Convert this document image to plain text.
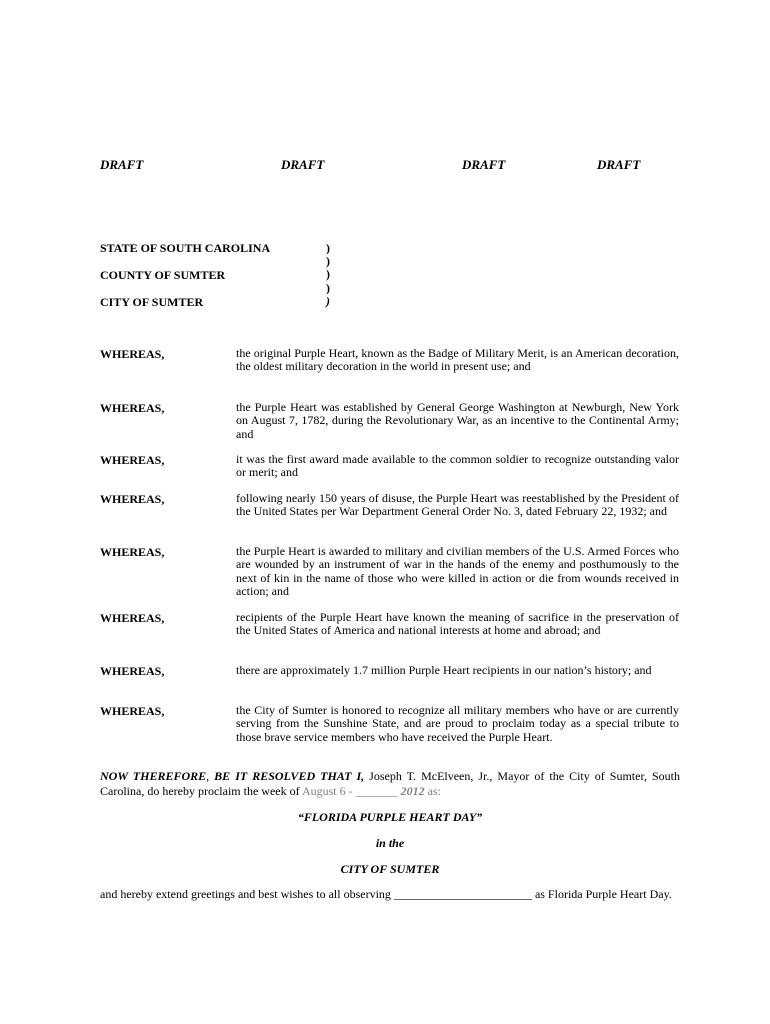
DRAFT	DRAFT	DRAFT	DRAFT
STATE OF SOUTH CAROLINA
COUNTY OF SUMTER
CITY OF SUMTER
)
)
)
)
)
WHEREAS,	the original Purple Heart, known as the Badge of Military Merit, is an American decoration, the oldest military decoration in the world in present use; and
WHEREAS,	the Purple Heart was established by General George Washington at Newburgh, New York on August 7, 1782, during the Revolutionary War, as an incentive to the Continental Army; and
WHEREAS,	it was the first award made available to the common soldier to recognize outstanding valor or merit; and
WHEREAS,	following nearly 150 years of disuse, the Purple Heart was reestablished by the President of the United States per War Department General Order No. 3, dated February 22, 1932; and
WHEREAS,	the Purple Heart is awarded to military and civilian members of the U.S. Armed Forces who are wounded by an instrument of war in the hands of the enemy and posthumously to the next of kin in the name of those who were killed in action or die from wounds received in action; and
WHEREAS,	recipients of the Purple Heart have known the meaning of sacrifice in the preservation of the United States of America and national interests at home and abroad; and
WHEREAS,	there are approximately 1.7 million Purple Heart recipients in our nation’s history; and
WHEREAS,	the City of Sumter is honored to recognize all military members who have or are currently serving from the Sunshine State, and are proud to proclaim today as a special tribute to those brave service members who have received the Purple Heart.
NOW THEREFORE, BE IT RESOLVED THAT I, Joseph T. McElveen, Jr., Mayor of the City of Sumter, South Carolina, do hereby proclaim the week of August 6 - _______ 2012 as:
“FLORIDA PURPLE HEART DAY”
in the
CITY OF SUMTER
and hereby extend greetings and best wishes to all observing _______________________ as Florida Purple Heart Day.
